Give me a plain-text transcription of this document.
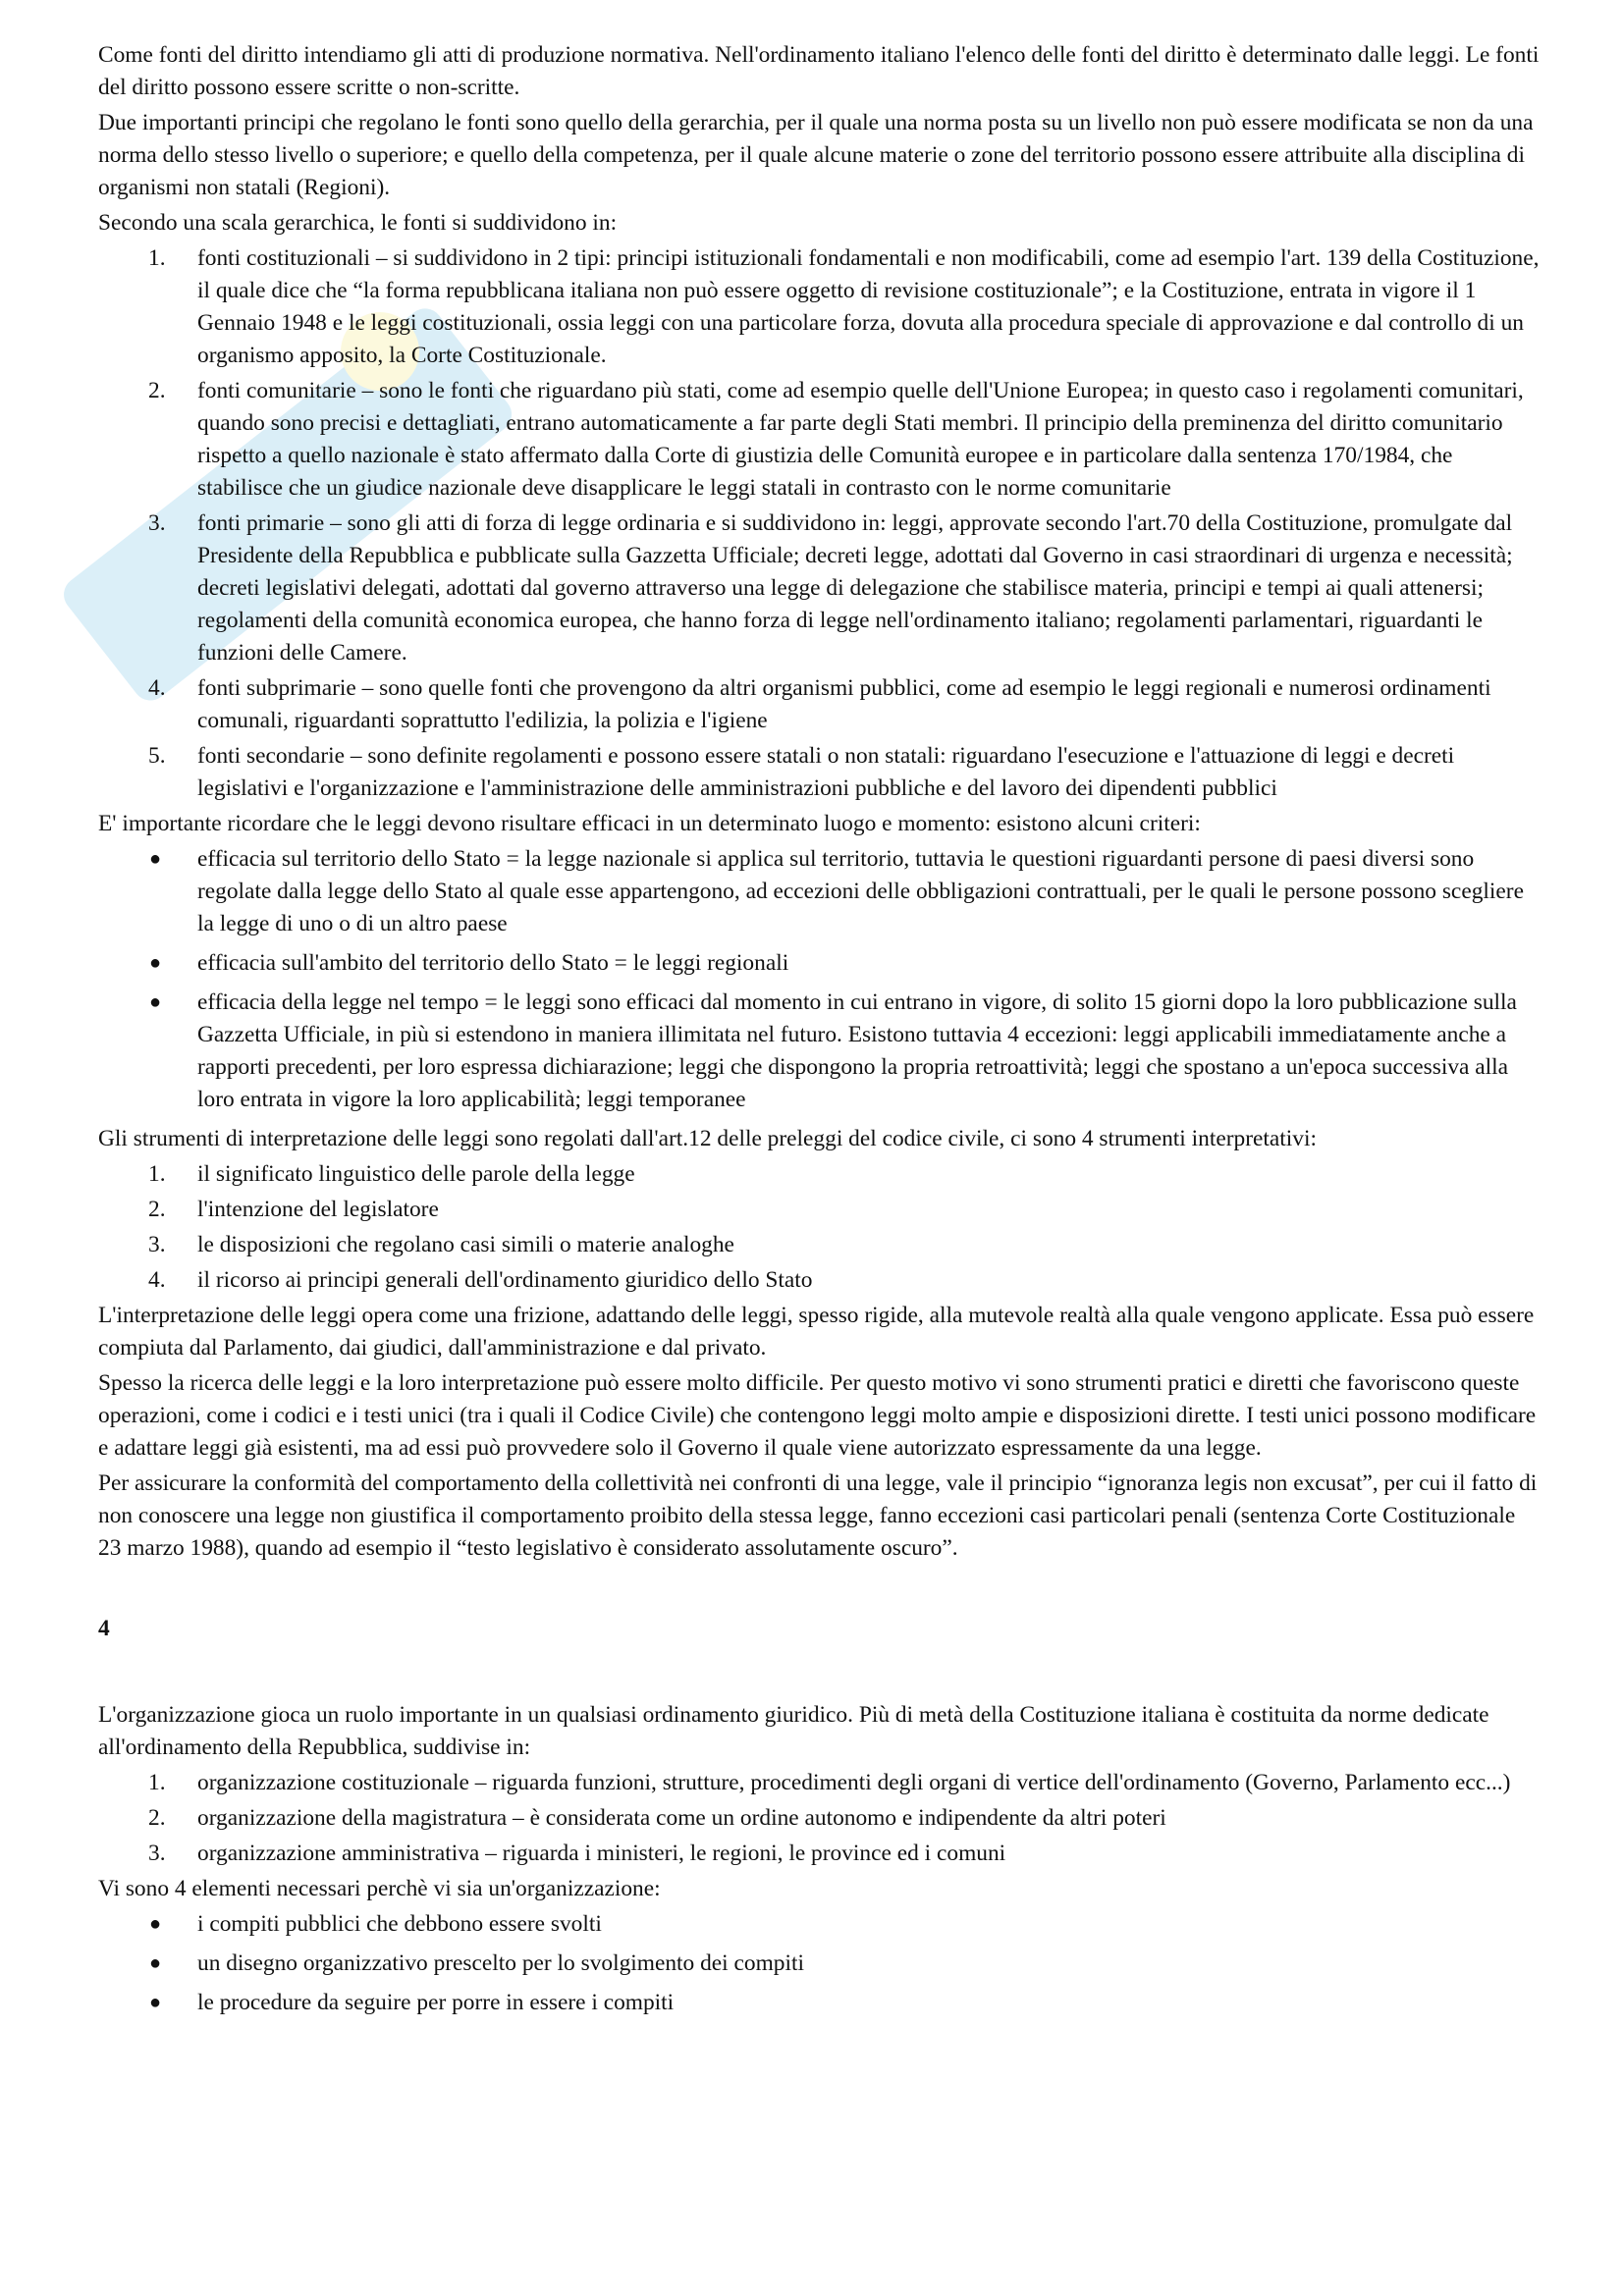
Come fonti del diritto intendiamo gli atti di produzione normativa. Nell'ordinamento italiano l'elenco delle fonti del diritto è determinato dalle leggi. Le fonti del diritto possono essere scritte o non-scritte.

Due importanti principi che regolano le fonti sono quello della gerarchia, per il quale una norma posta su un livello non può essere modificata se non da una norma dello stesso livello o superiore; e quello della competenza, per il quale alcune materie o zone del territorio possono essere attribuite alla disciplina di organismi non statali (Regioni).

Secondo una scala gerarchica, le fonti si suddividono in:

1. fonti costituzionali – si suddividono in 2 tipi: principi istituzionali fondamentali e non modificabili, come ad esempio l'art. 139 della Costituzione, il quale dice che “la forma repubblicana italiana non può essere oggetto di revisione costituzionale”; e la Costituzione, entrata in vigore il 1 Gennaio 1948 e le leggi costituzionali, ossia leggi con una particolare forza, dovuta alla procedura speciale di approvazione e dal controllo di un organismo apposito, la Corte Costituzionale.
2. fonti comunitarie – sono le fonti che riguardano più stati, come ad esempio quelle dell'Unione Europea; in questo caso i regolamenti comunitari, quando sono precisi e dettagliati, entrano automaticamente a far parte degli Stati membri. Il principio della preminenza del diritto comunitario rispetto a quello nazionale è stato affermato dalla Corte di giustizia delle Comunità europee e in particolare dalla sentenza 170/1984, che stabilisce che un giudice nazionale deve disapplicare le leggi statali in contrasto con le norme comunitarie
3. fonti primarie – sono gli atti di forza di legge ordinaria e si suddividono in: leggi, approvate secondo l'art.70 della Costituzione, promulgate dal Presidente della Repubblica e pubblicate sulla Gazzetta Ufficiale; decreti legge, adottati dal Governo in casi straordinari di urgenza e necessità; decreti legislativi delegati, adottati dal governo attraverso una legge di delegazione che stabilisce materia, principi e tempi ai quali attenersi; regolamenti della comunità economica europea, che hanno forza di legge nell'ordinamento italiano; regolamenti parlamentari, riguardanti le funzioni delle Camere.
4. fonti subprimarie – sono quelle fonti che provengono da altri organismi pubblici, come ad esempio le leggi regionali e numerosi ordinamenti comunali, riguardanti soprattutto l'edilizia, la polizia e l'igiene
5. fonti secondarie – sono definite regolamenti e possono essere statali o non statali: riguardano l'esecuzione e l'attuazione di leggi e decreti legislativi e l'organizzazione e l'amministrazione delle amministrazioni pubbliche e del lavoro dei dipendenti pubblici

E' importante ricordare che le leggi devono risultare efficaci in un determinato luogo e momento: esistono alcuni criteri:

● efficacia sul territorio dello Stato = la legge nazionale si applica sul territorio, tuttavia le questioni riguardanti persone di paesi diversi sono regolate dalla legge dello Stato al quale esse appartengono, ad eccezioni delle obbligazioni contrattuali, per le quali le persone possono scegliere la legge di uno o di un altro paese
● efficacia sull'ambito del territorio dello Stato = le leggi regionali
● efficacia della legge nel tempo = le leggi sono efficaci dal momento in cui entrano in vigore, di solito 15 giorni dopo la loro pubblicazione sulla Gazzetta Ufficiale, in più si estendono in maniera illimitata nel futuro. Esistono tuttavia 4 eccezioni: leggi applicabili immediatamente anche a rapporti precedenti, per loro espressa dichiarazione; leggi che dispongono la propria retroattività; leggi che spostano a un'epoca successiva alla loro entrata in vigore la loro applicabilità; leggi temporanee

Gli strumenti di interpretazione delle leggi sono regolati dall'art.12 delle preleggi del codice civile, ci sono 4 strumenti interpretativi:

1. il significato linguistico delle parole della legge
2. l'intenzione del legislatore
3. le disposizioni che regolano casi simili o materie analoghe
4. il ricorso ai principi generali dell'ordinamento giuridico dello Stato

L'interpretazione delle leggi opera come una frizione, adattando delle leggi, spesso rigide, alla mutevole realtà alla quale vengono applicate. Essa può essere compiuta dal Parlamento, dai giudici, dall'amministrazione e dal privato.

Spesso la ricerca delle leggi e la loro interpretazione può essere molto difficile. Per questo motivo vi sono strumenti pratici e diretti che favoriscono queste operazioni, come i codici e i testi unici (tra i quali il Codice Civile) che contengono leggi molto ampie e disposizioni dirette. I testi unici possono modificare e adattare leggi già esistenti, ma ad essi può provvedere solo il Governo il quale viene autorizzato espressamente da una legge.

Per assicurare la conformità del comportamento della collettività nei confronti di una legge, vale il principio “ignoranza legis non excusat”, per cui il fatto di non conoscere una legge non giustifica il comportamento proibito della stessa legge, fanno eccezioni casi particolari penali (sentenza Corte Costituzionale 23 marzo 1988), quando ad esempio il “testo legislativo è considerato assolutamente oscuro”.

4

L'organizzazione gioca un ruolo importante in un qualsiasi ordinamento giuridico. Più di metà della Costituzione italiana è costituita da norme dedicate all'ordinamento della Repubblica, suddivise in:

1. organizzazione costituzionale – riguarda funzioni, strutture, procedimenti degli organi di vertice dell'ordinamento (Governo, Parlamento ecc...)
2. organizzazione della magistratura – è considerata come un ordine autonomo e indipendente da altri poteri
3. organizzazione amministrativa – riguarda i ministeri, le regioni, le province ed i comuni

Vi sono 4 elementi necessari perchè vi sia un'organizzazione:

● i compiti pubblici che debbono essere svolti
● un disegno organizzativo prescelto per lo svolgimento dei compiti
● le procedure da seguire per porre in essere i compiti
